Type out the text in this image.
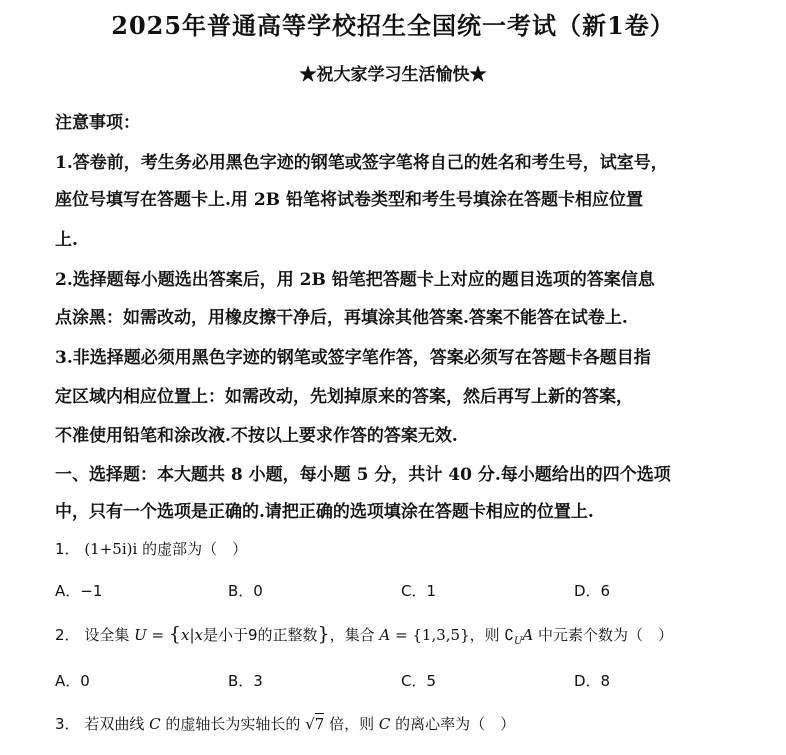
2025年普通高等学校招生全国统一考试（新1卷）
★祝大家学习生活愉快★
注意事项：
1.答卷前，考生务必用黑色字迹的钢笔或签字笔将自己的姓名和考生号，试室号，
座位号填写在答题卡上.用 2B 铅笔将试卷类型和考生号填涂在答题卡相应位置
上.
2.选择题每小题选出答案后，用 2B 铅笔把答题卡上对应的题目选项的答案信息
点涂黑：如需改动，用橡皮擦干净后，再填涂其他答案.答案不能答在试卷上.
3.非选择题必须用黑色字迹的钢笔或签字笔作答，答案必须写在答题卡各题目指
定区域内相应位置上：如需改动，先划掉原来的答案，然后再写上新的答案，
不准使用铅笔和涂改液.不按以上要求作答的答案无效.
一、选择题：本大题共 8 小题，每小题 5 分，共计 40 分.每小题给出的四个选项
中，只有一个选项是正确的.请把正确的选项填涂在答题卡相应的位置上.
1． (1+5i)i 的虚部为（　）
A．−1	B．0	C．1	D．6
2． 设全集 U = {x|x是小于9的正整数}，集合 A = {1,3,5}，则 $∁_UA$ 中元素个数为（　）
A．0	B．3	C．5	D．8
3． 若双曲线 C 的虚轴长为实轴长的 √7 倍，则 C 的离心率为（　）
